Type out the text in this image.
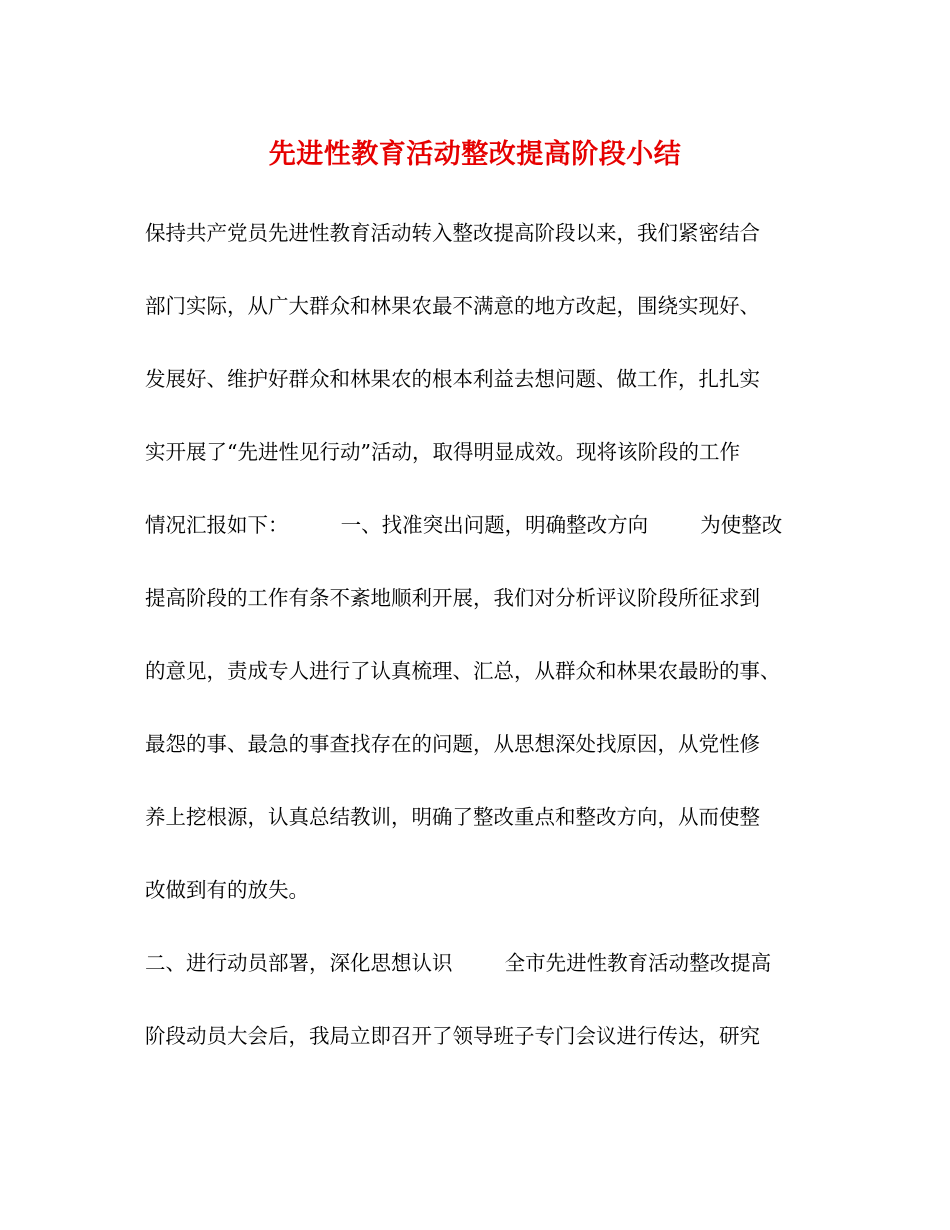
先进性教育活动整改提高阶段小结

保持共产党员先进性教育活动转入整改提高阶段以来，我们紧密结合

部门实际，从广大群众和林果农最不满意的地方改起，围绕实现好、

发展好、维护好群众和林果农的根本利益去想问题、做工作，扎扎实

实开展了“先进性见行动”活动，取得明显成效。现将该阶段的工作

情况汇报如下：        一、找准突出问题，明确整改方向        为使整改

提高阶段的工作有条不紊地顺利开展，我们对分析评议阶段所征求到

的意见，责成专人进行了认真梳理、汇总，从群众和林果农最盼的事、

最怨的事、最急的事查找存在的问题，从思想深处找原因，从党性修

养上挖根源，认真总结教训，明确了整改重点和整改方向，从而使整

改做到有的放失。

二、进行动员部署，深化思想认识        全市先进性教育活动整改提高

阶段动员大会后，我局立即召开了领导班子专门会议进行传达，研究
